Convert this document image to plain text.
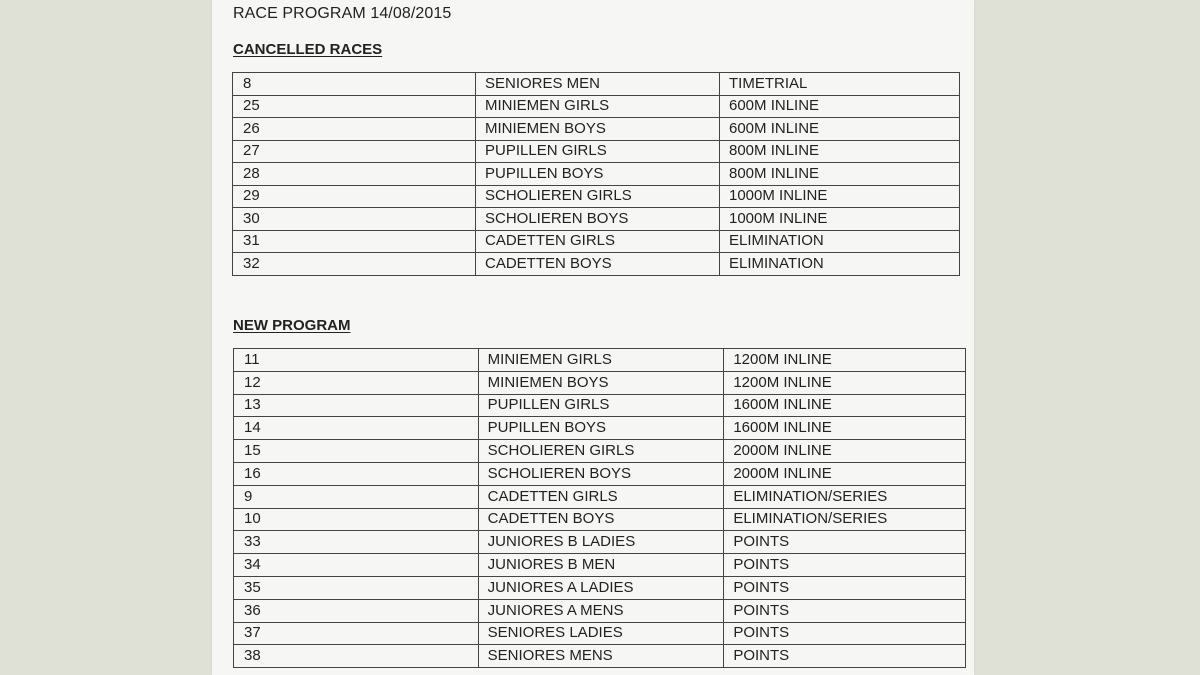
RACE PROGRAM 14/08/2015
CANCELLED RACES
8	SENIORES MEN	TIMETRIAL
25	MINIEMEN GIRLS	600M INLINE
26	MINIEMEN BOYS	600M INLINE
27	PUPILLEN GIRLS	800M INLINE
28	PUPILLEN BOYS	800M INLINE
29	SCHOLIEREN GIRLS	1000M INLINE
30	SCHOLIEREN BOYS	1000M INLINE
31	CADETTEN GIRLS	ELIMINATION
32	CADETTEN BOYS	ELIMINATION
NEW PROGRAM
11	MINIEMEN GIRLS	1200M INLINE
12	MINIEMEN BOYS	1200M INLINE
13	PUPILLEN GIRLS	1600M INLINE
14	PUPILLEN BOYS	1600M INLINE
15	SCHOLIEREN GIRLS	2000M INLINE
16	SCHOLIEREN BOYS	2000M INLINE
9	CADETTEN GIRLS	ELIMINATION/SERIES
10	CADETTEN BOYS	ELIMINATION/SERIES
33	JUNIORES B LADIES	POINTS
34	JUNIORES B MEN	POINTS
35	JUNIORES A LADIES	POINTS
36	JUNIORES A MENS	POINTS
37	SENIORES LADIES	POINTS
38	SENIORES MENS	POINTS
